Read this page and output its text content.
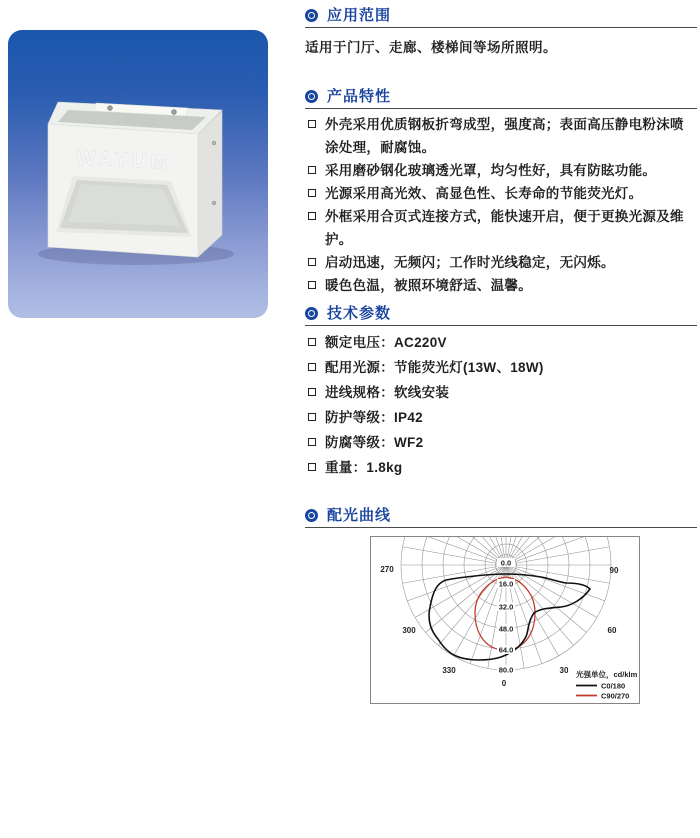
WAYUM
应用范围

适用于门厅、走廊、楼梯间等场所照明。

产品特性
外壳采用优质钢板折弯成型，强度高；表面高压静电粉沫喷涂处理，耐腐蚀。
采用磨砂钢化玻璃透光罩，均匀性好，具有防眩功能。
光源采用高光效、高显色性、长寿命的节能荧光灯。
外框采用合页式连接方式，能快速开启，便于更换光源及维护。
启动迅速，无频闪；工作时光线稳定，无闪烁。
暖色色温，被照环境舒适、温馨。
技术参数
额定电压：AC220V
配用光源：节能荧光灯(13W、18W)
进线规格：软线安装
防护等级：IP42
防腐等级：WF2
重量：1.8kg
配光曲线
0.0
16.0
32.0
48.0
64.0
80.0
0
30
60
90
270
300
330	光强单位，cd/klm
C0/180
C90/270
